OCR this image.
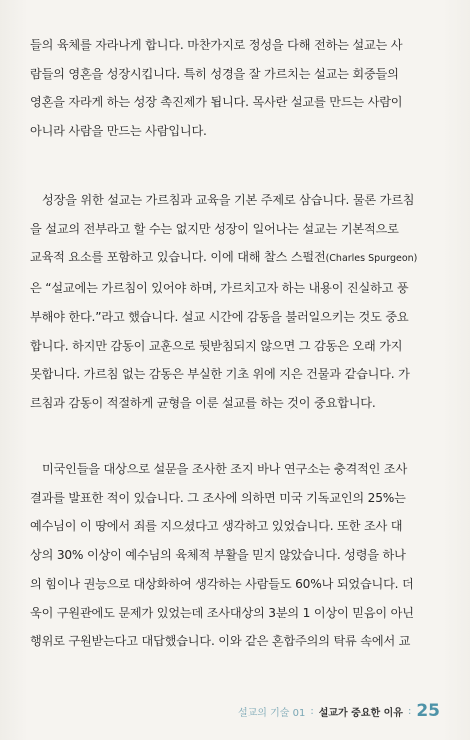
들의 육체를 자라나게 합니다. 마찬가지로 정성을 다해 전하는 설교는 사
람들의 영혼을 성장시킵니다. 특히 성경을 잘 가르치는 설교는 회중들의
영혼을 자라게 하는 성장 촉진제가 됩니다. 목사란 설교를 만드는 사람이
아니라 사람을 만드는 사람입니다.
성장을 위한 설교는 가르침과 교육을 기본 주제로 삼습니다. 물론 가르침
을 설교의 전부라고 할 수는 없지만 성장이 일어나는 설교는 기본적으로
교육적 요소를 포함하고 있습니다. 이에 대해 찰스 스펄전(Charles Spurgeon)
은 “설교에는 가르침이 있어야 하며, 가르치고자 하는 내용이 진실하고 풍
부해야 한다.”라고 했습니다. 설교 시간에 감동을 불러일으키는 것도 중요
합니다. 하지만 감동이 교훈으로 뒷받침되지 않으면 그 감동은 오래 가지
못합니다. 가르침 없는 감동은 부실한 기초 위에 지은 건물과 같습니다. 가
르침과 감동이 적절하게 균형을 이룬 설교를 하는 것이 중요합니다.
미국인들을 대상으로 설문을 조사한 조지 바나 연구소는 충격적인 조사
결과를 발표한 적이 있습니다. 그 조사에 의하면 미국 기독교인의 25%는
예수님이 이 땅에서 죄를 지으셨다고 생각하고 있었습니다. 또한 조사 대
상의 30% 이상이 예수님의 육체적 부활을 믿지 않았습니다. 성령을 하나
의 힘이나 권능으로 대상화하여 생각하는 사람들도 60%나 되었습니다. 더
욱이 구원관에도 문제가 있었는데 조사대상의 3분의 1 이상이 믿음이 아닌
행위로 구원받는다고 대답했습니다. 이와 같은 혼합주의의 탁류 속에서 교
설교의 기술 01 : 설교가 중요한 이유 : 25
